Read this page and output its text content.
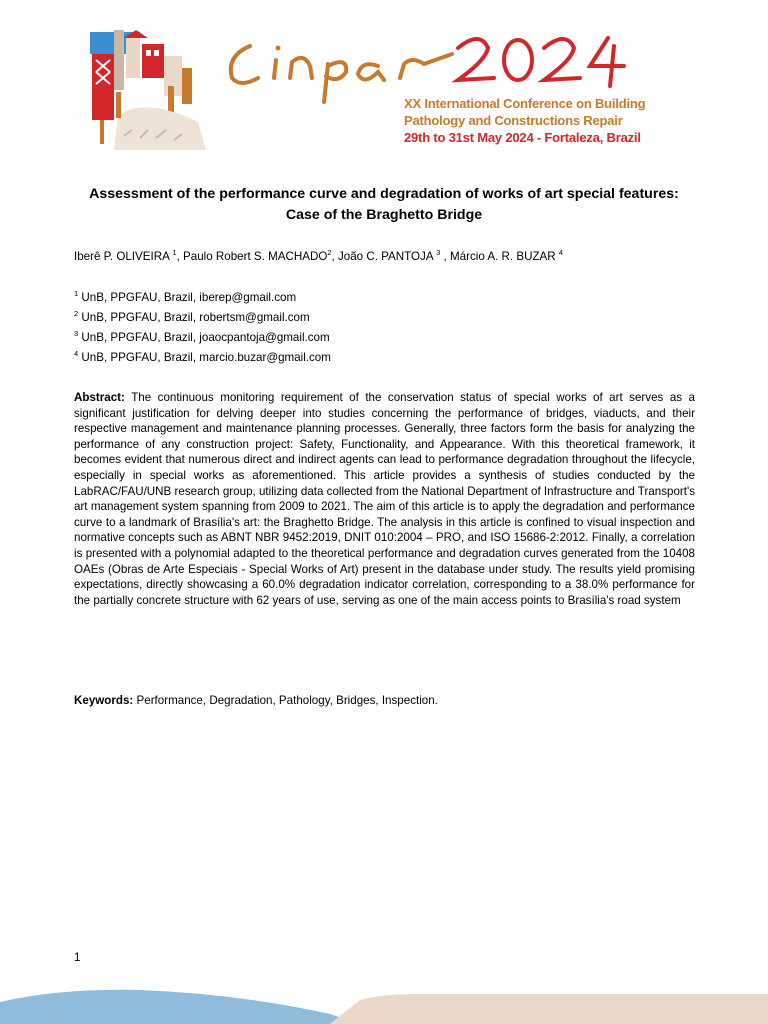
XX International Conference on Building
Pathology and Constructions Repair
29th to 31st May 2024 - Fortaleza, Brazil
Assessment of the performance curve and degradation of works of art special features: Case of the Braghetto Bridge
Iberê P. OLIVEIRA $^1$, Paulo Robert S. MACHADO$^2$, João C. PANTOJA $^3$ , Márcio A. R. BUZAR $^4$
$^1$ UnB, PPGFAU, Brazil, iberep@gmail.com
$^2$ UnB, PPGFAU, Brazil, robertsm@gmail.com
$^3$ UnB, PPGFAU, Brazil, joaocpantoja@gmail.com
$^4$ UnB, PPGFAU, Brazil, marcio.buzar@gmail.com
Abstract: The continuous monitoring requirement of the conservation status of special works of art serves as a significant justification for delving deeper into studies concerning the performance of bridges, viaducts, and their respective management and maintenance planning processes. Generally, three factors form the basis for analyzing the performance of any construction project: Safety, Functionality, and Appearance. With this theoretical framework, it becomes evident that numerous direct and indirect agents can lead to performance degradation throughout the lifecycle, especially in special works as aforementioned. This article provides a synthesis of studies conducted by the LabRAC/FAU/UNB research group, utilizing data collected from the National Department of Infrastructure and Transport's art management system spanning from 2009 to 2021. The aim of this article is to apply the degradation and performance curve to a landmark of Brasília's art: the Braghetto Bridge. The analysis in this article is confined to visual inspection and normative concepts such as ABNT NBR 9452:2019, DNIT 010:2004 – PRO, and ISO 15686-2:2012. Finally, a correlation is presented with a polynomial adapted to the theoretical performance and degradation curves generated from the 10408 OAEs (Obras de Arte Especiais - Special Works of Art) present in the database under study. The results yield promising expectations, directly showcasing a 60.0% degradation indicator correlation, corresponding to a 38.0% performance for the partially concrete structure with 62 years of use, serving as one of the main access points to Brasília's road system
Keywords: Performance, Degradation, Pathology, Bridges, Inspection.
1
